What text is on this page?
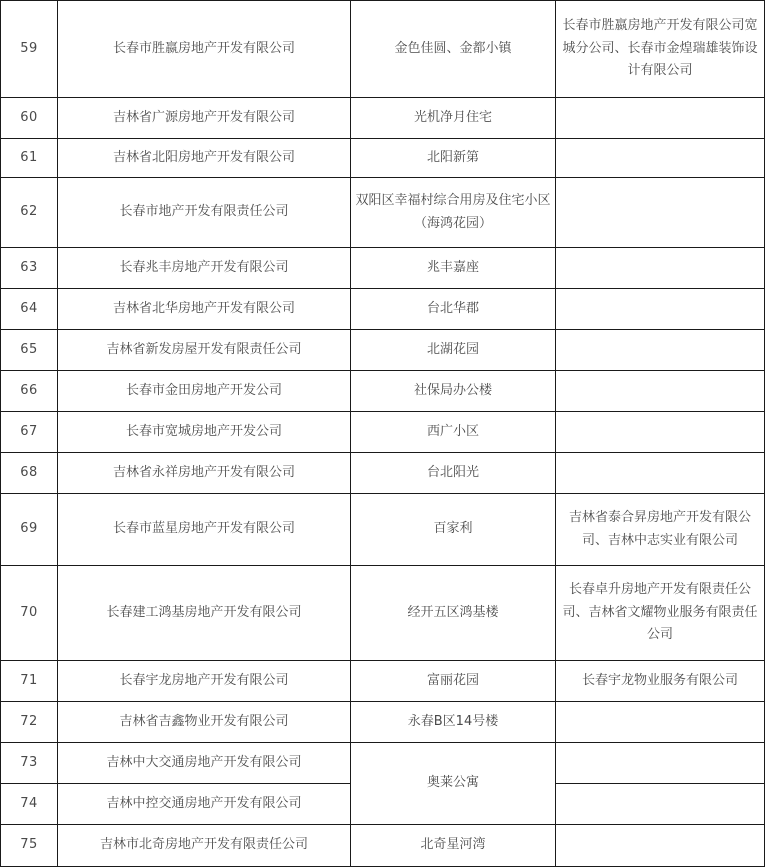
59	长春市胜嬴房地产开发有限公司	金色佳圆、金都小镇	长春市胜嬴房地产开发有限公司宽城分公司、长春市金煌瑞雄装饰设计有限公司
60	吉林省广源房地产开发有限公司	光机净月住宅	
61	吉林省北阳房地产开发有限公司	北阳新第	
62	长春市地产开发有限责任公司	双阳区幸福村综合用房及住宅小区（海鸿花园）	
63	长春兆丰房地产开发有限公司	兆丰嘉座	
64	吉林省北华房地产开发有限公司	台北华郡	
65	吉林省新发房屋开发有限责任公司	北湖花园	
66	长春市金田房地产开发公司	社保局办公楼	
67	长春市宽城房地产开发公司	西广小区	
68	吉林省永祥房地产开发有限公司	台北阳光	
69	长春市蓝星房地产开发有限公司	百家利	吉林省泰合昇房地产开发有限公司、吉林中志实业有限公司
70	长春建工鸿基房地产开发有限公司	经开五区鸿基楼	长春卓升房地产开发有限责任公司、吉林省文耀物业服务有限责任公司
71	长春宇龙房地产开发有限公司	富丽花园	长春宇龙物业服务有限公司
72	吉林省吉鑫物业开发有限公司	永春B区14号楼	
73	吉林中大交通房地产开发有限公司	奥莱公寓	
74	吉林中控交通房地产开发有限公司		
75	吉林市北奇房地产开发有限责任公司	北奇星河湾	
